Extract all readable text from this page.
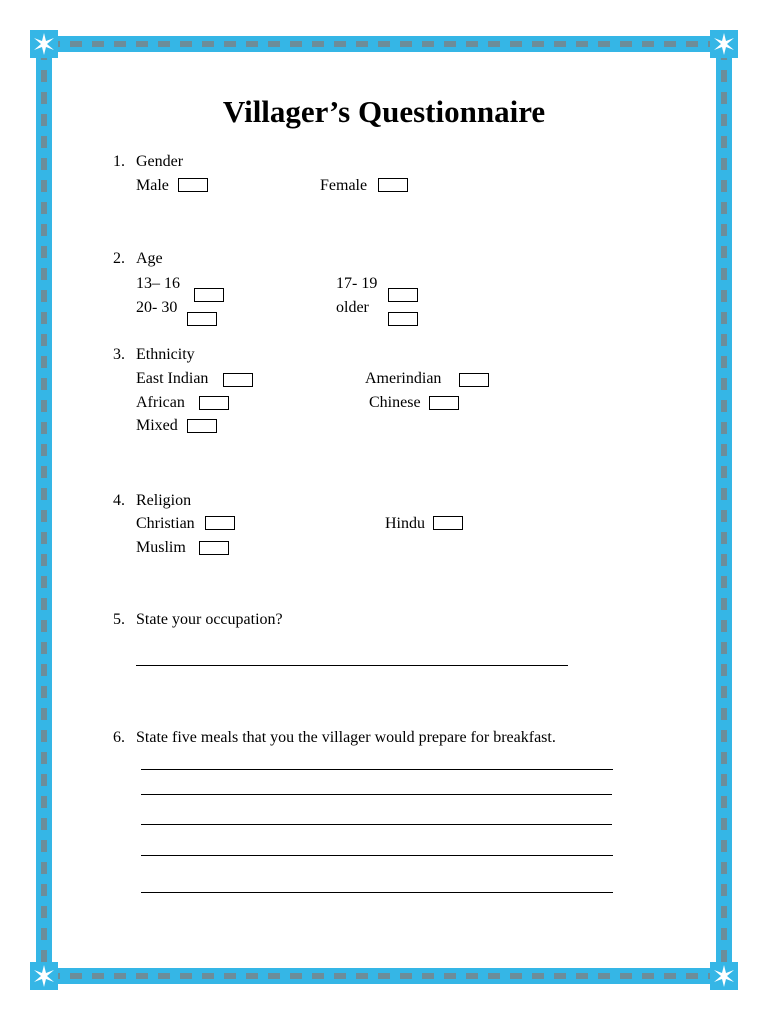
Villager’s Questionnaire
1. Gender
Male	Female
2. Age
13– 16	17- 19
20- 30	older
3. Ethnicity
East Indian	Amerindian
African	Chinese
Mixed
4. Religion
Christian	Hindu
Muslim
5. State your occupation?
6. State five meals that you the villager would prepare for breakfast.
